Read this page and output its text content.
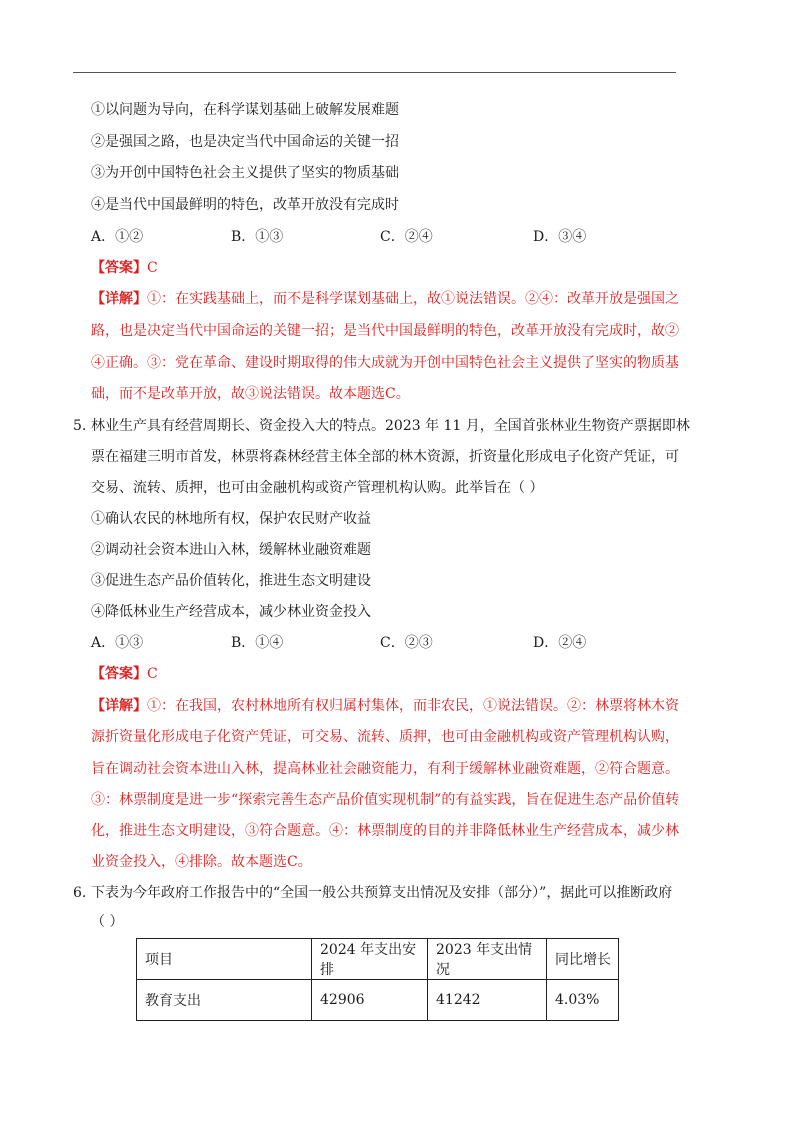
①以问题为导向，在科学谋划基础上破解发展难题
②是强国之路，也是决定当代中国命运的关键一招
③为开创中国特色社会主义提供了坚实的物质基础
④是当代中国最鲜明的特色，改革开放没有完成时
A．①②	B．①③	C．②④	D．③④
【答案】C
【详解】①：在实践基础上，而不是科学谋划基础上，故①说法错误。②④：改革开放是强国之
路，也是决定当代中国命运的关键一招；是当代中国最鲜明的特色，改革开放没有完成时，故②
④正确。③：党在革命、建设时期取得的伟大成就为开创中国特色社会主义提供了坚实的物质基
础，而不是改革开放，故③说法错误。故本题选C。
5. 林业生产具有经营周期长、资金投入大的特点。2023 年 11 月，全国首张林业生物资产票据即林
票在福建三明市首发，林票将森林经营主体全部的林木资源，折资量化形成电子化资产凭证，可
交易、流转、质押，也可由金融机构或资产管理机构认购。此举旨在（ ）
①确认农民的林地所有权，保护农民财产收益
②调动社会资本进山入林，缓解林业融资难题
③促进生态产品价值转化，推进生态文明建设
④降低林业生产经营成本，减少林业资金投入
A．①③	B．①④	C．②③	D．②④
【答案】C
【详解】①：在我国，农村林地所有权归属村集体，而非农民，①说法错误。②：林票将林木资
源折资量化形成电子化资产凭证，可交易、流转、质押，也可由金融机构或资产管理机构认购，
旨在调动社会资本进山入林，提高林业社会融资能力，有利于缓解林业融资难题，②符合题意。
③：林票制度是进一步“探索完善生态产品价值实现机制”的有益实践，旨在促进生态产品价值转
化，推进生态文明建设，③符合题意。④：林票制度的目的并非降低林业生产经营成本，减少林
业资金投入，④排除。故本题选C。
6. 下表为今年政府工作报告中的“全国一般公共预算支出情况及安排（部分）”，据此可以推断政府
（ ）
项目	2024 年支出安排	2023 年支出情况	同比增长
教育支出	42906	41242	4.03%
